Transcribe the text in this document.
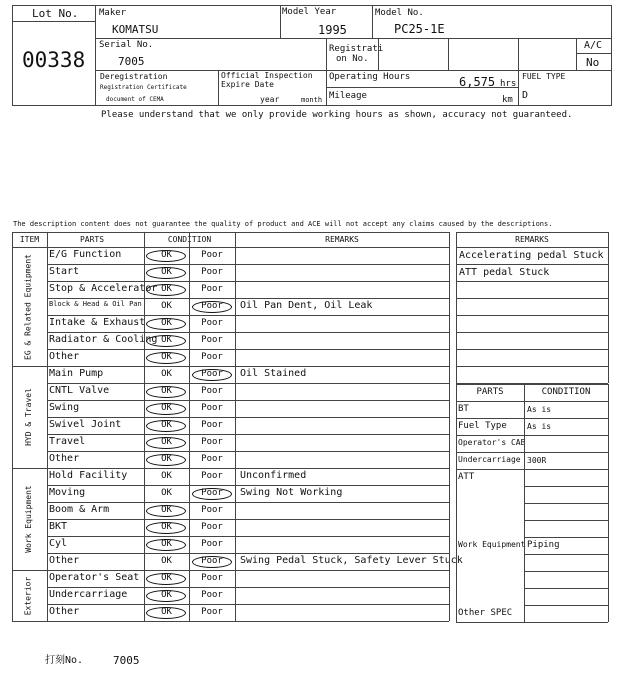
Lot No.
00338
Maker
KOMATSU
Model Year
1995
Model No.
PC25-1E
Serial No.
7005
Registrati
on No.
A/C
No
Deregistration
Registration Certificate
document of CEMA
Official Inspection
Expire Date
year	month
Operating Hours	6,575 hrs
Mileage	km
FUEL TYPE
D
Please understand that we only provide working hours as shown, accuracy not guaranteed.
The description content does not guarantee the quality of product and ACE will not accept any claims caused by the descriptions.
ITEM	PARTS	CONDITION	REMARKS
E/G Function	OK	Poor
Start	OK	Poor
Stop & Accelerator OK	Poor
Block & Head & Oil Pan	OK	Poor	Oil Pan Dent, Oil Leak
Intake & Exhaust	OK	Poor
Radiator & Cooling OK	Poor
Other	OK	Poor
EG & Related Equipment
Main Pump	OK	Poor	Oil Stained
CNTL Valve	OK	Poor
Swing	OK	Poor
Swivel Joint	OK	Poor
Travel	OK	Poor
Other	OK	Poor
HYD & Travel
Hold Facility	OK	Poor	Unconfirmed
Moving	OK	Poor	Swing Not Working
Boom & Arm	OK	Poor
BKT	OK	Poor
Cyl	OK	Poor
Other	OK	Poor	Swing Pedal Stuck, Safety Lever Stuck
Work Equipment
Operator's Seat	OK	Poor
Undercarriage	OK	Poor
Other	OK	Poor
Exterior
REMARKS
Accelerating pedal Stuck
ATT pedal Stuck
PARTS	CONDITION
BT	As is
Fuel Type	As is
Operator's CAB
Undercarriage 300R
ATT
Work Equipment Piping
Other SPEC
打刻No.	7005
